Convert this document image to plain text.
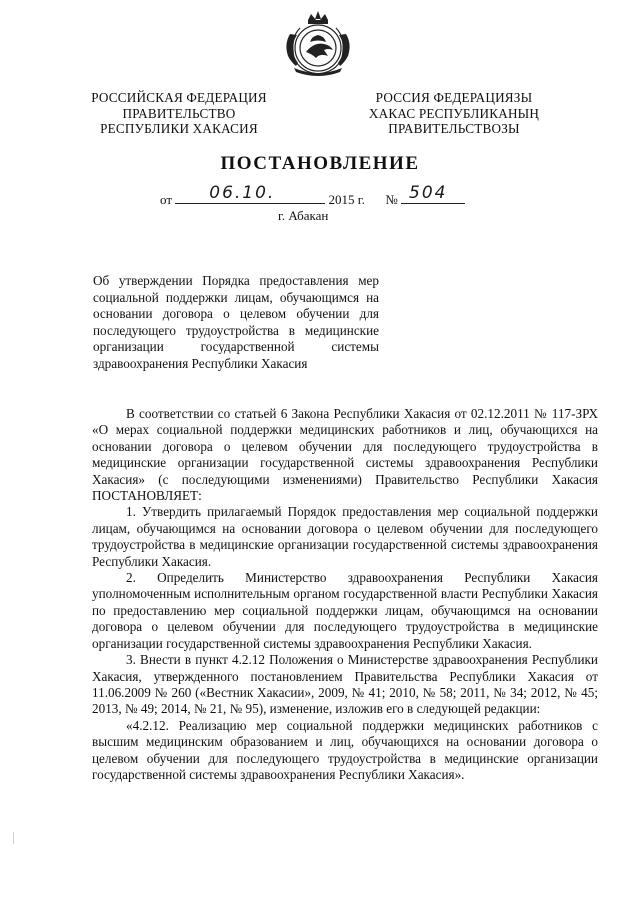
РОССИЙСКАЯ ФЕДЕРАЦИЯ
ПРАВИТЕЛЬСТВО
РЕСПУБЛИКИ ХАКАСИЯ
РОССИЯ ФЕДЕРАЦИЯЗЫ
ХАКАС РЕСПУБЛИКАНЫҢ
ПРАВИТЕЛЬСТВОЗЫ
ПОСТАНОВЛЕНИЕ
от 06.10.	2015 г. № 504
г. Абакан

Об утверждении Порядка предоставления мер

социальной поддержки лицам, обучающимся на

основании договора о целевом обучении для

последующего трудоустройства в медицинские

организации государственной системы

здравоохранения Республики Хакасия

В соответствии со статьей 6 Закона Республики Хакасия от 02.12.2011 № 117-ЗРХ «О мерах социальной поддержки медицинских работников и лиц, обучающихся на основании договора о целевом обучении для последующего трудоустройства в медицинские организации государственной системы здравоохранения Республики Хакасия» (с последующими изменениями) Правительство Республики Хакасия ПОСТАНОВЛЯЕТ:

1. Утвердить прилагаемый Порядок предоставления мер социальной поддержки лицам, обучающимся на основании договора о целевом обучении для последующего трудоустройства в медицинские организации государственной системы здравоохранения Республики Хакасия.

2. Определить Министерство здравоохранения Республики Хакасия уполномоченным исполнительным органом государственной власти Республики Хакасия по предоставлению мер социальной поддержки лицам, обучающимся на основании договора о целевом обучении для последующего трудоустройства в медицинские организации государственной системы здравоохранения Республики Хакасия.

3. Внести в пункт 4.2.12 Положения о Министерстве здравоохранения Республики Хакасия, утвержденного постановлением Правительства Республики Хакасия от 11.06.2009 № 260 («Вестник Хакасии», 2009, № 41; 2010, № 58; 2011, № 34; 2012, № 45; 2013, № 49; 2014, № 21, № 95), изменение, изложив его в следующей редакции:

«4.2.12. Реализацию мер социальной поддержки медицинских работников с высшим медицинским образованием и лиц, обучающихся на основании договора о целевом обучении для последующего трудоустройства в медицинские организации государственной системы здравоохранения Республики Хакасия».
